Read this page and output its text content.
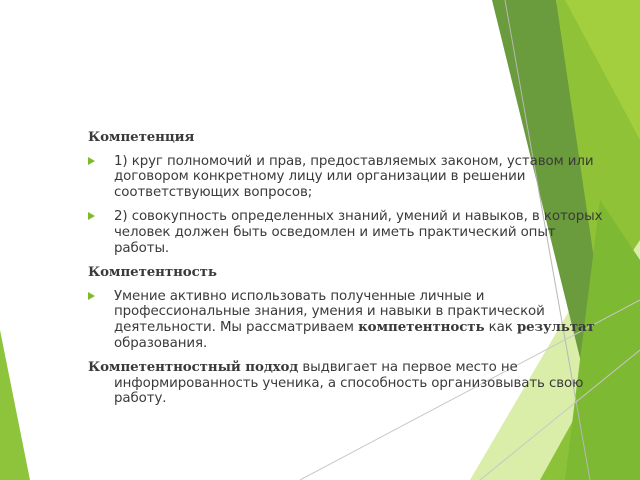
Компетенция
1) круг полномочий и прав, предоставляемых законом, уставом или договором конкретному лицу или организации в решении соответствующих вопросов;
2) совокупность определенных знаний, умений и навыков, в которых человек должен быть осведомлен и иметь практический опыт работы.
Компетентность
Умение активно использовать полученные личные и профессиональные знания, умения и навыки в практической деятельности. Мы рассматриваем компетентность как результат образования.
Компетентностный подход выдвигает на первое место не информированность ученика, а способность организовывать свою работу.
